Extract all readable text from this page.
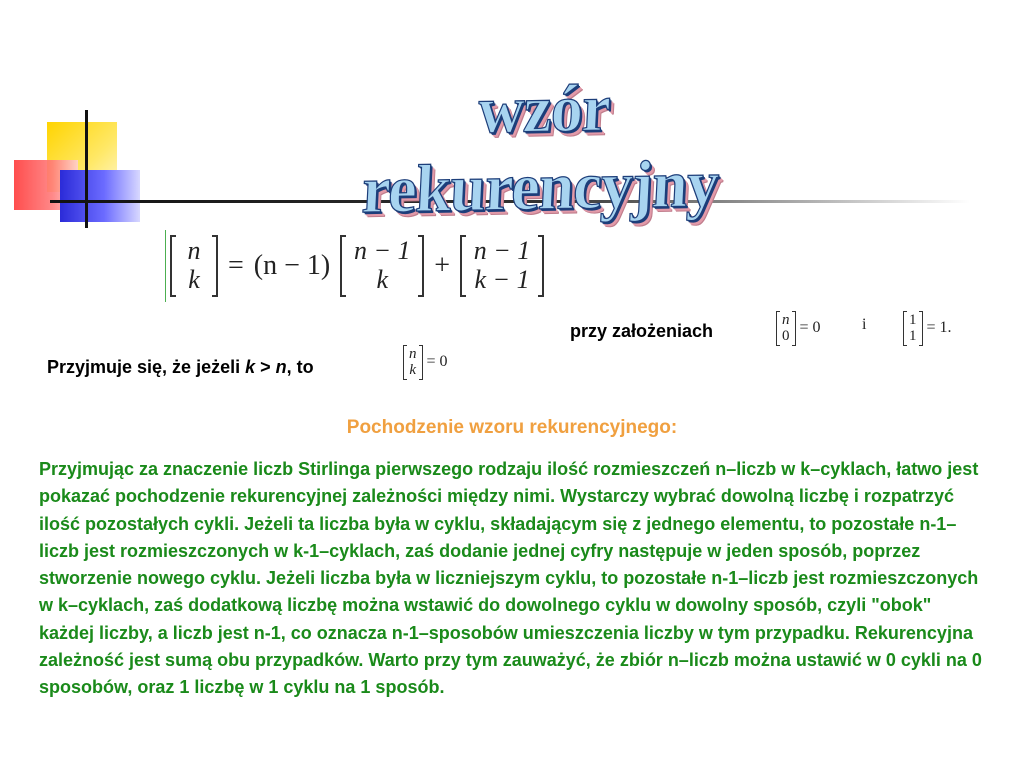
wzór rekurencyjny
n
k = (n − 1) n − 1
k + n − 1
k − 1
przy założeniach
n
0 = 0	i	1
1 = 1.
Przyjmuje się, że jeżeli k > n, to
n
k = 0
Pochodzenie wzoru rekurencyjnego:
Przyjmując za znaczenie liczb Stirlinga pierwszego rodzaju ilość rozmieszczeń n–liczb w k–cyklach, łatwo jest pokazać pochodzenie rekurencyjnej zależności między nimi. Wystarczy wybrać dowolną liczbę i rozpatrzyć ilość pozostałych cykli. Jeżeli ta liczba była w cyklu, składającym się z jednego elementu, to pozostałe n-1–liczb jest rozmieszczonych w k-1–cyklach, zaś dodanie jednej cyfry następuje w jeden sposób, poprzez stworzenie nowego cyklu. Jeżeli liczba była w liczniejszym cyklu, to pozostałe n-1–liczb jest rozmieszczonych w k–cyklach, zaś dodatkową liczbę można wstawić do dowolnego cyklu w dowolny sposób, czyli "obok" każdej liczby, a liczb jest n-1, co oznacza n-1–sposobów umieszczenia liczby w tym przypadku. Rekurencyjna zależność jest sumą obu przypadków. Warto przy tym zauważyć, że zbiór n–liczb można ustawić w 0 cykli na 0 sposobów, oraz 1 liczbę w 1 cyklu na 1 sposób.
